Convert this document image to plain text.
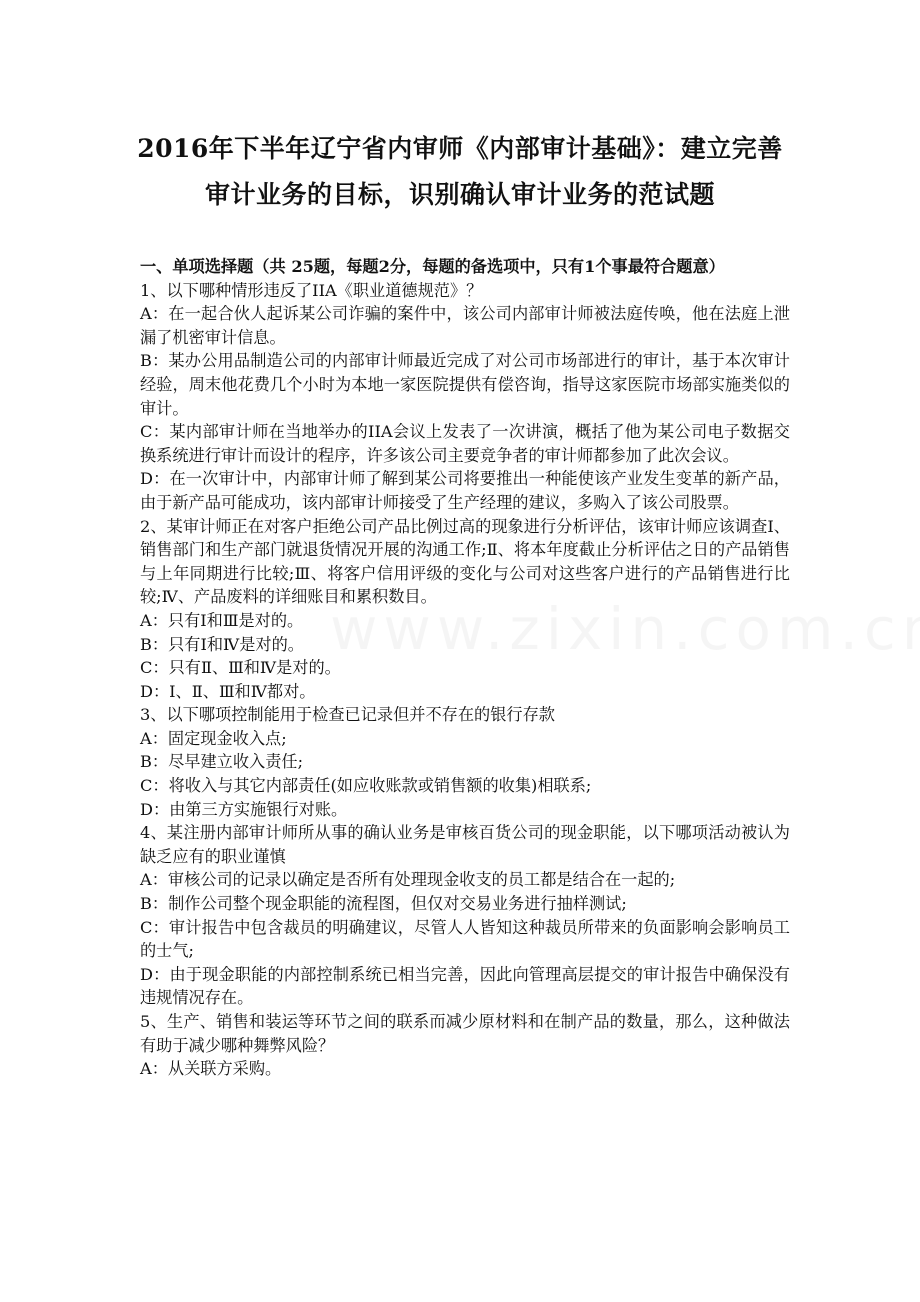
2016年下半年辽宁省内审师《内部审计基础》：建立完善
审计业务的目标，识别确认审计业务的范试题

一、单项选择题（共 25题，每题2分，每题的备选项中，只有1个事最符合题意）

1、以下哪种情形违反了IIA《职业道德规范》？

A：在一起合伙人起诉某公司诈骗的案件中，该公司内部审计师被法庭传唤，他在法庭上泄漏了机密审计信息。

B：某办公用品制造公司的内部审计师最近完成了对公司市场部进行的审计，基于本次审计经验，周末他花费几个小时为本地一家医院提供有偿咨询，指导这家医院市场部实施类似的审计。

C：某内部审计师在当地举办的IIA会议上发表了一次讲演，概括了他为某公司电子数据交换系统进行审计而设计的程序，许多该公司主要竞争者的审计师都参加了此次会议。

D：在一次审计中，内部审计师了解到某公司将要推出一种能使该产业发生变革的新产品，由于新产品可能成功，该内部审计师接受了生产经理的建议，多购入了该公司股票。

2、某审计师正在对客户拒绝公司产品比例过高的现象进行分析评估，该审计师应该调查Ⅰ、销售部门和生产部门就退货情况开展的沟通工作;Ⅱ、将本年度截止分析评估之日的产品销售与上年同期进行比较;Ⅲ、将客户信用评级的变化与公司对这些客户进行的产品销售进行比较;Ⅳ、产品废料的详细账目和累积数目。

A：只有Ⅰ和Ⅲ是对的。

B：只有Ⅰ和Ⅳ是对的。

C：只有Ⅱ、Ⅲ和Ⅳ是对的。

D：Ⅰ、Ⅱ、Ⅲ和Ⅳ都对。

3、以下哪项控制能用于检查已记录但并不存在的银行存款

A：固定现金收入点;

B：尽早建立收入责任;

C：将收入与其它内部责任(如应收账款或销售额的收集)相联系;

D：由第三方实施银行对账。

4、某注册内部审计师所从事的确认业务是审核百货公司的现金职能，以下哪项活动被认为缺乏应有的职业谨慎

A：审核公司的记录以确定是否所有处理现金收支的员工都是结合在一起的;

B：制作公司整个现金职能的流程图，但仅对交易业务进行抽样测试;

C：审计报告中包含裁员的明确建议，尽管人人皆知这种裁员所带来的负面影响会影响员工的士气;

D：由于现金职能的内部控制系统已相当完善，因此向管理高层提交的审计报告中确保没有违规情况存在。

5、生产、销售和装运等环节之间的联系而减少原材料和在制产品的数量，那么，这种做法有助于减少哪种舞弊风险？

A：从关联方采购。
